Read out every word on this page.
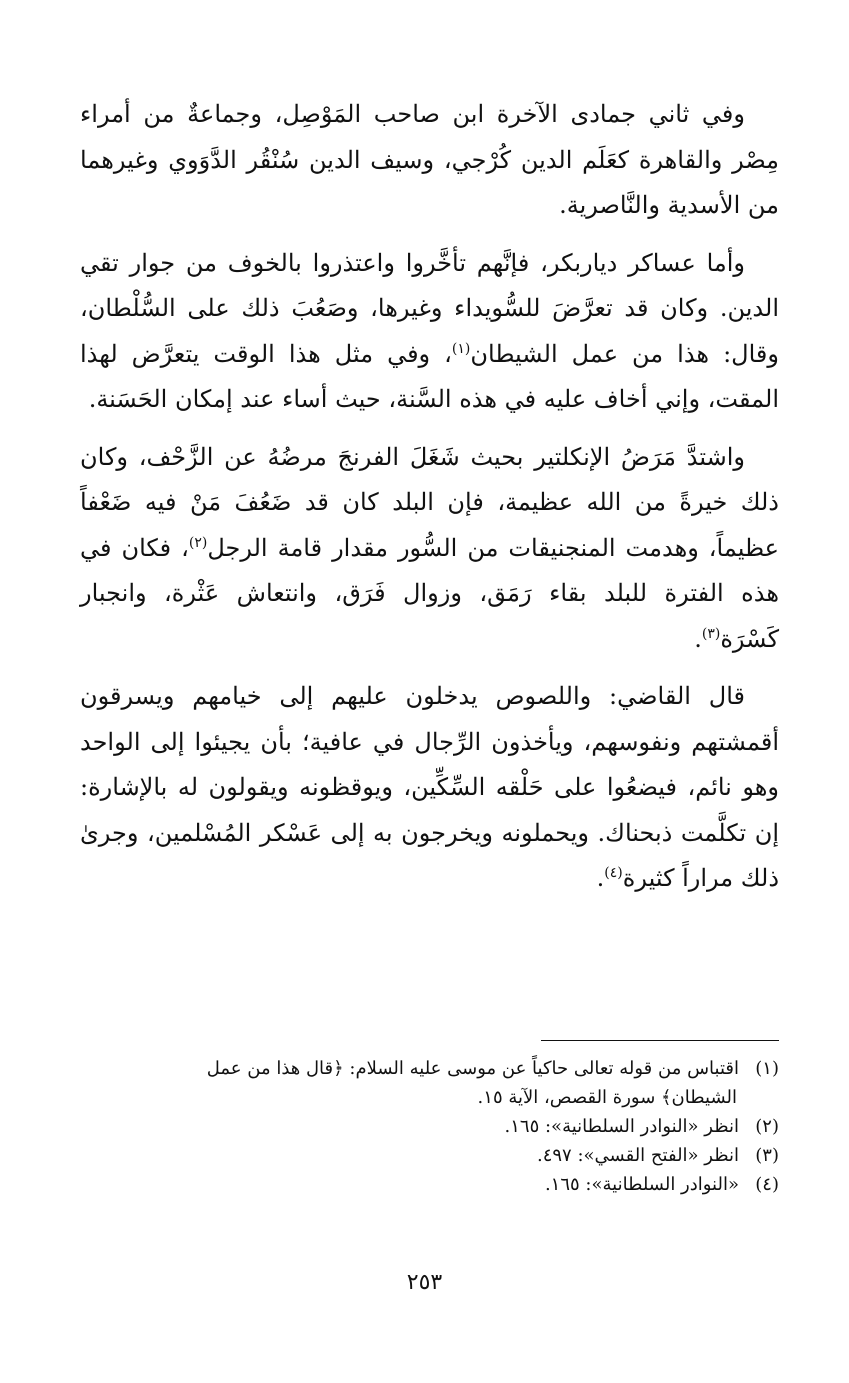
وفي ثاني جمادى الآخرة ابن صاحب المَوْصِل، وجماعةٌ من أمراء مِصْر والقاهرة كعَلَم الدين كُرْجي، وسيف الدين سُنْقُر الدَّوَوي وغيرهما من الأسدية والنَّاصرية.

وأما عساكر دياربكر، فإنَّهم تأخَّروا واعتذروا بالخوف من جوار تقي الدين. وكان قد تعرَّضَ للسُّويداء وغيرها، وصَعُبَ ذلك على السُّلْطان، وقال: هذا من عمل الشيطان$^{(١)}$، وفي مثل هذا الوقت يتعرَّض لهذا المقت، وإني أخاف عليه في هذه السَّنة، حيث أساء عند إمكان الحَسَنة.

واشتدَّ مَرَضُ الإنكلتير بحيث شَغَلَ الفرنجَ مرضُهُ عن الزَّحْف، وكان ذلك خيرةً من الله عظيمة، فإن البلد كان قد ضَعُفَ مَنْ فيه ضَعْفاً عظيماً، وهدمت المنجنيقات من السُّور مقدار قامة الرجل$^{(٢)}$، فكان في هذه الفترة للبلد بقاء رَمَق، وزوال فَرَق، وانتعاش عَثْرة، وانجبار كَسْرَة$^{(٣)}$.

قال القاضي: واللصوص يدخلون عليهم إلى خيامهم ويسرقون أقمشتهم ونفوسهم، ويأخذون الرِّجال في عافية؛ بأن يجيئوا إلى الواحد وهو نائم، فيضعُوا على حَلْقه السِّكِّين، ويوقظونه ويقولون له بالإشارة: إن تكلَّمت ذبحناك. ويحملونه ويخرجون به إلى عَسْكر المُسْلمين، وجرىٰ ذلك مراراً كثيرة$^{(٤)}$.

(١)اقتباس من قوله تعالى حاكياً عن موسى عليه السلام: ﴿قال هذا من عمل

الشيطان﴾ سورة القصص، الآية ١٥.

(٢)انظر «النوادر السلطانية»: ١٦٥.

(٣)انظر «الفتح القسي»: ٤٩٧.

(٤)«النوادر السلطانية»: ١٦٥.

٢٥٣
